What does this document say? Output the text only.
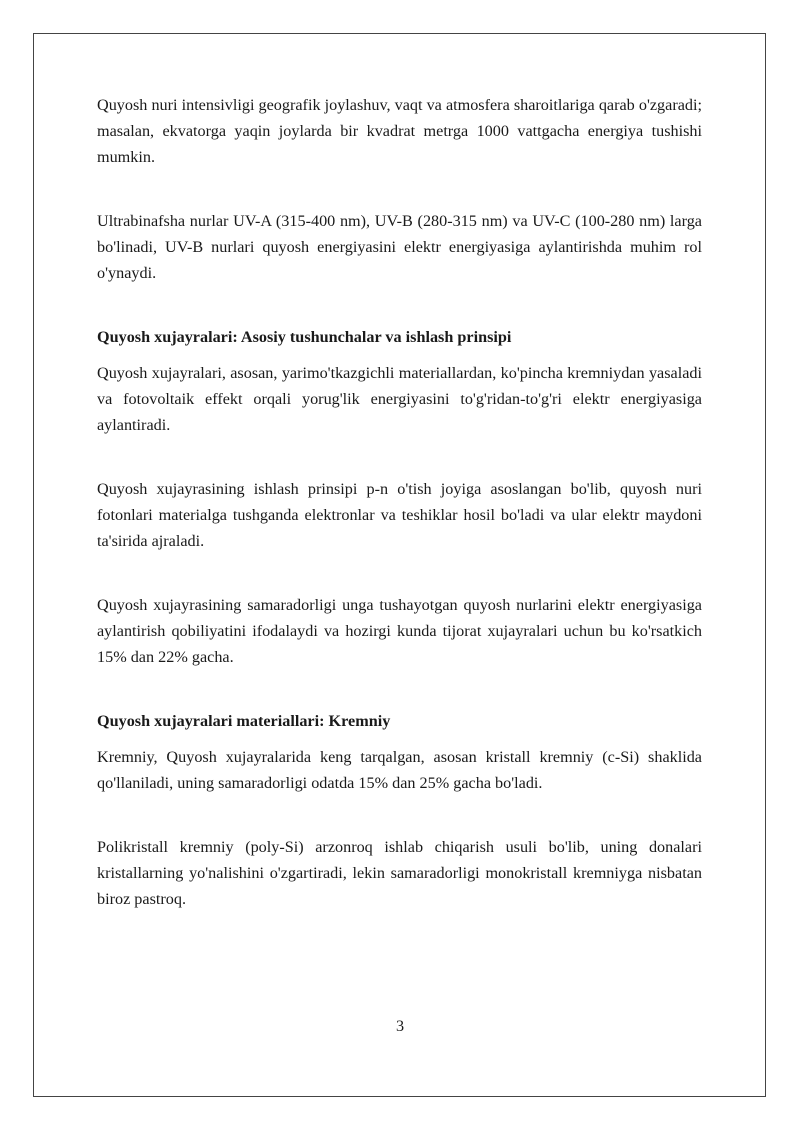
Quyosh nuri intensivligi geografik joylashuv, vaqt va atmosfera sharoitlariga qarab o'zgaradi; masalan, ekvatorga yaqin joylarda bir kvadrat metrga 1000 vattgacha energiya tushishi mumkin.

Ultrabinafsha nurlar UV-A (315-400 nm), UV-B (280-315 nm) va UV-C (100-280 nm) larga bo'linadi, UV-B nurlari quyosh energiyasini elektr energiyasiga aylantirishda muhim rol o'ynaydi.

Quyosh xujayralari: Asosiy tushunchalar va ishlash prinsipi

Quyosh xujayralari, asosan, yarimo'tkazgichli materiallardan, ko'pincha kremniydan yasaladi va fotovoltaik effekt orqali yorug'lik energiyasini to'g'ridan-to'g'ri elektr energiyasiga aylantiradi.

Quyosh xujayrasining ishlash prinsipi p-n o'tish joyiga asoslangan bo'lib, quyosh nuri fotonlari materialga tushganda elektronlar va teshiklar hosil bo'ladi va ular elektr maydoni ta'sirida ajraladi.

Quyosh xujayrasining samaradorligi unga tushayotgan quyosh nurlarini elektr energiyasiga aylantirish qobiliyatini ifodalaydi va hozirgi kunda tijorat xujayralari uchun bu ko'rsatkich 15% dan 22% gacha.

Quyosh xujayralari materiallari: Kremniy

Kremniy, Quyosh xujayralarida keng tarqalgan, asosan kristall kremniy (c-Si) shaklida qo'llaniladi, uning samaradorligi odatda 15% dan 25% gacha bo'ladi.

Polikristall kremniy (poly-Si) arzonroq ishlab chiqarish usuli bo'lib, uning donalari kristallarning yo'nalishini o'zgartiradi, lekin samaradorligi monokristall kremniyga nisbatan biroz pastroq.

3
